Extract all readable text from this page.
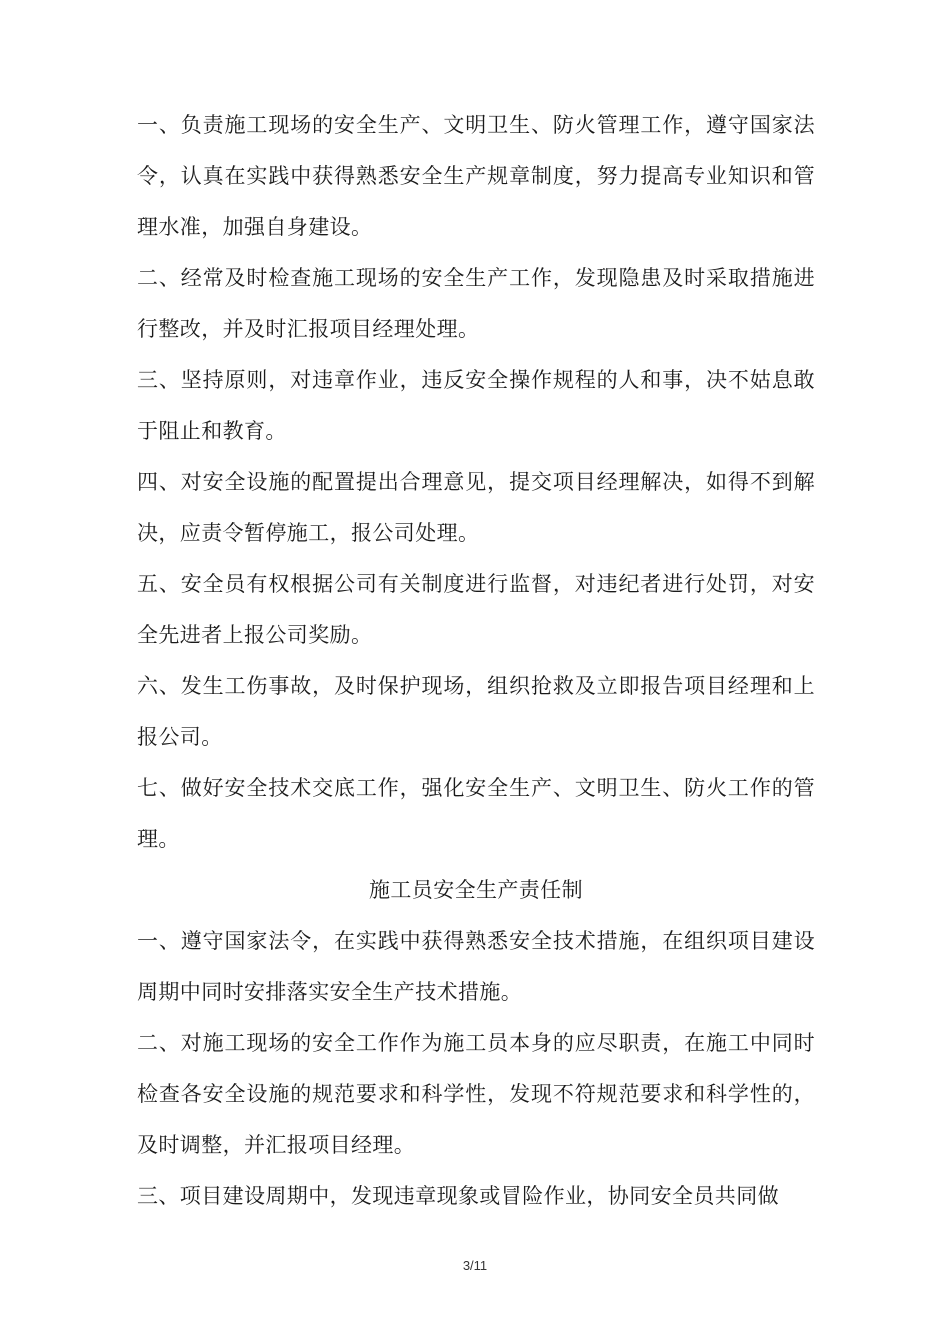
一、负责施工现场的安全生产、文明卫生、防火管理工作，遵守国家法令，认真在实践中获得熟悉安全生产规章制度，努力提高专业知识和管理水准，加强自身建设。

二、经常及时检查施工现场的安全生产工作，发现隐患及时采取措施进行整改，并及时汇报项目经理处理。

三、坚持原则，对违章作业，违反安全操作规程的人和事，决不姑息敢于阻止和教育。

四、对安全设施的配置提出合理意见，提交项目经理解决，如得不到解决，应责令暂停施工，报公司处理。

五、安全员有权根据公司有关制度进行监督，对违纪者进行处罚，对安全先进者上报公司奖励。

六、发生工伤事故，及时保护现场，组织抢救及立即报告项目经理和上报公司。

七、做好安全技术交底工作，强化安全生产、文明卫生、防火工作的管理。

施工员安全生产责任制

一、遵守国家法令，在实践中获得熟悉安全技术措施，在组织项目建设周期中同时安排落实安全生产技术措施。

二、对施工现场的安全工作作为施工员本身的应尽职责，在施工中同时检查各安全设施的规范要求和科学性，发现不符规范要求和科学性的，及时调整，并汇报项目经理。

三、项目建设周期中，发现违章现象或冒险作业，协同安全员共同做

3/11
